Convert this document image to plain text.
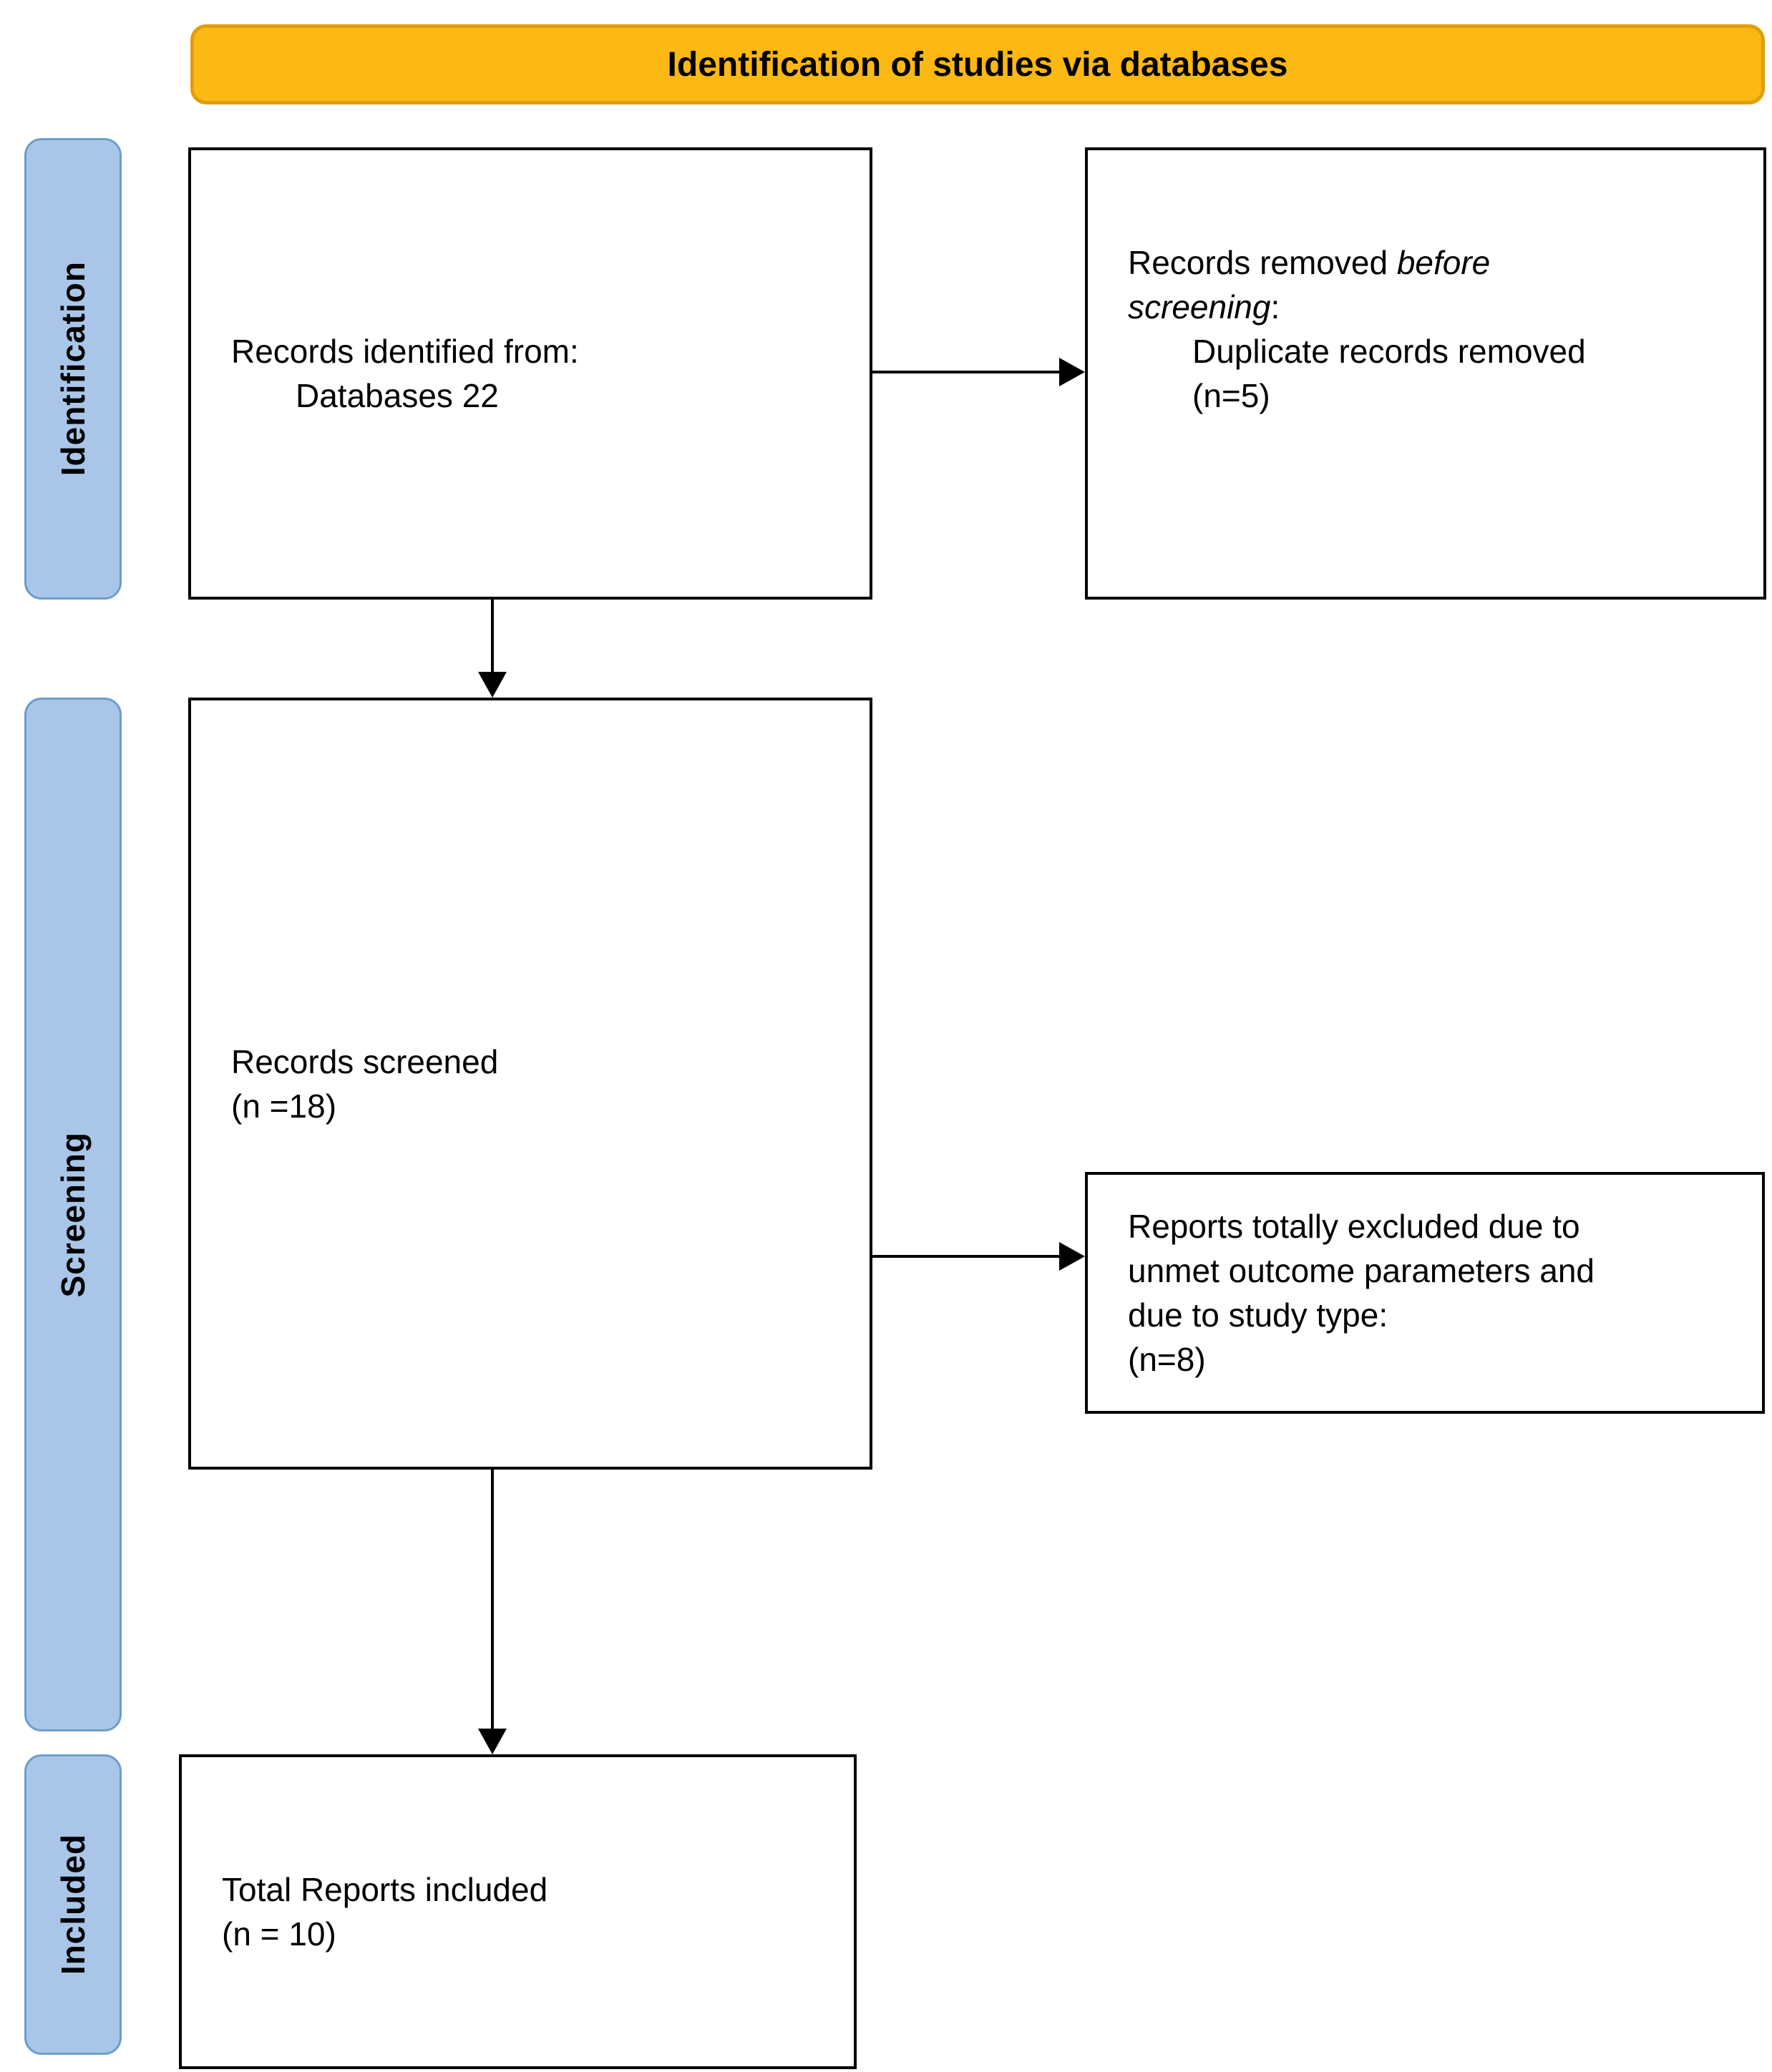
Identification of studies via databases
Identification
Screening
Included
Records identified from:
Databases 22
Records removed before
screening:
Duplicate records removed
(n=5)
Records screened
(n =18)
Reports totally excluded due to
unmet outcome parameters and
due to study type:
(n=8)
Total Reports included
(n = 10)
